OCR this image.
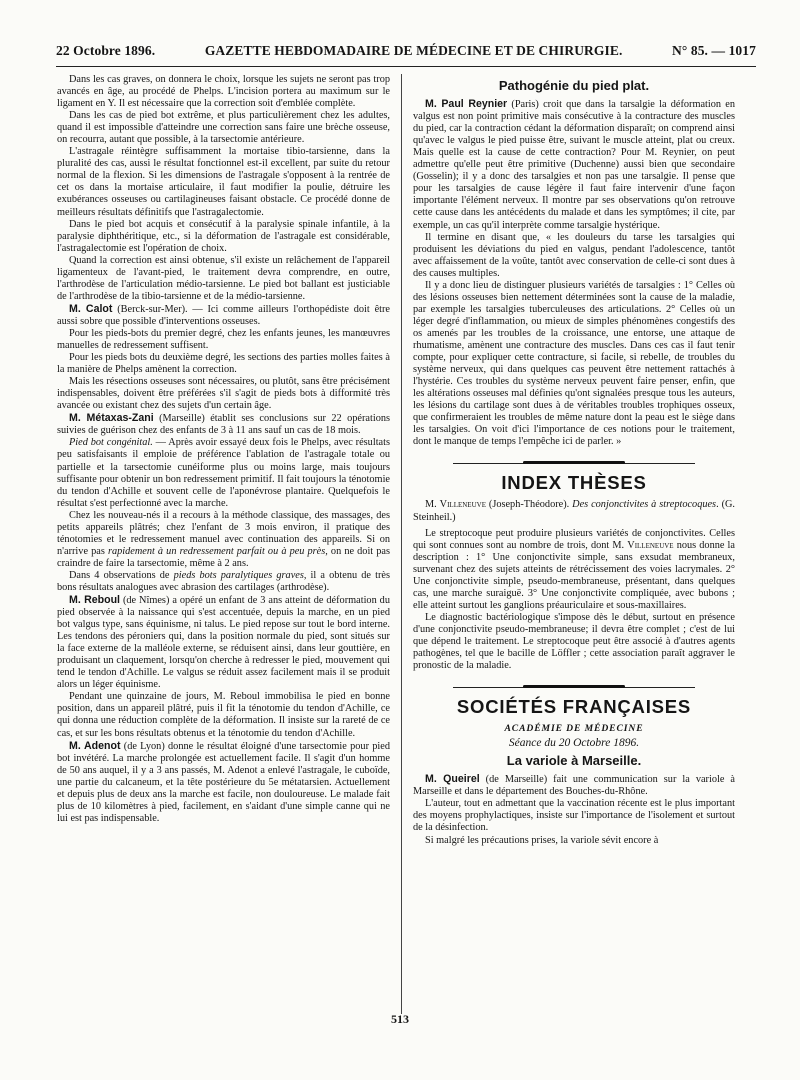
22 Octobre 1896.	GAZETTE HEBDOMADAIRE DE MÉDECINE ET DE CHIRURGIE.	N° 85. — 1017

Dans les cas graves, on donnera le choix, lorsque les sujets ne seront pas trop avancés en âge, au procédé de Phelps. L'incision portera au maximum sur le ligament en Y. Il est nécessaire que la correction soit d'emblée complète.

Dans les cas de pied bot extrême, et plus particulièrement chez les adultes, quand il est impossible d'atteindre une correction sans faire une brèche osseuse, on recourra, autant que possible, à la tarsectomie antérieure.

L'astragale réintègre suffisamment la mortaise tibio-tarsienne, dans la pluralité des cas, aussi le résultat fonctionnel est-il excellent, par suite du retour normal de la flexion. Si les dimensions de l'astragale s'opposent à la rentrée de cet os dans la mortaise articulaire, il faut modifier la poulie, détruire les exubérances osseuses ou cartilagineuses faisant obstacle. Ce procédé donne de meilleurs résultats définitifs que l'astragalectomie.

Dans le pied bot acquis et consécutif à la paralysie spinale infantile, à la paralysie diphthéritique, etc., si la déformation de l'astragale est considérable, l'astragalectomie est l'opération de choix.

Quand la correction est ainsi obtenue, s'il existe un relâchement de l'appareil ligamenteux de l'avant-pied, le traitement devra comprendre, en outre, l'arthrodèse de l'articulation médio-tarsienne. Le pied bot ballant est justiciable de l'arthrodèse de la tibio-tarsienne et de la médio-tarsienne.

M. Calot (Berck-sur-Mer). — Ici comme ailleurs l'orthopédiste doit être aussi sobre que possible d'interventions osseuses.

Pour les pieds-bots du premier degré, chez les enfants jeunes, les manœuvres manuelles de redressement suffisent.

Pour les pieds bots du deuxième degré, les sections des parties molles faites à la manière de Phelps amènent la correction.

Mais les résections osseuses sont nécessaires, ou plutôt, sans être précisément indispensables, doivent être préférées s'il s'agit de pieds bots à difformité très avancée ou existant chez des sujets d'un certain âge.

M. Métaxas-Zani (Marseille) établit ses conclusions sur 22 opérations suivies de guérison chez des enfants de 3 à 11 ans sauf un cas de 18 mois.

Pied bot congénital. — Après avoir essayé deux fois le Phelps, avec résultats peu satisfaisants il emploie de préférence l'ablation de l'astragale totale ou partielle et la tarsectomie cunéiforme plus ou moins large, mais toujours suffisante pour obtenir un bon redressement primitif. Il fait toujours la ténotomie du tendon d'Achille et souvent celle de l'aponévrose plantaire. Quelquefois le résultat s'est perfectionné avec la marche.

Chez les nouveau-nés il a recours à la méthode classique, des massages, des petits appareils plâtrés; chez l'enfant de 3 mois environ, il pratique des ténotomies et le redressement manuel avec continuation des appareils. Si on n'arrive pas rapidement à un redressement parfait ou à peu près, on ne doit pas craindre de faire la tarsectomie, même à 2 ans.

Dans 4 observations de pieds bots paralytiques graves, il a obtenu de très bons résultats analogues avec abrasion des cartilages (arthrodèse).

M. Reboul (de Nîmes) a opéré un enfant de 3 ans atteint de déformation du pied observée à la naissance qui s'est accentuée, depuis la marche, en un pied bot valgus type, sans équinisme, ni talus. Le pied repose sur tout le bord interne. Les tendons des péroniers qui, dans la position normale du pied, sont situés sur la face externe de la malléole externe, se réduisent ainsi, dans leur gouttière, en produisant un claquement, lorsqu'on cherche à redresser le pied, mouvement qui tend le tendon d'Achille. Le valgus se réduit assez facilement mais il se produit alors un léger équinisme.

Pendant une quinzaine de jours, M. Reboul immobilisa le pied en bonne position, dans un appareil plâtré, puis il fit la ténotomie du tendon d'Achille, ce qui donna une réduction complète de la déformation. Il insiste sur la rareté de ce cas, et sur les bons résultats obtenus et la ténotomie du tendon d'Achille.

M. Adenot (de Lyon) donne le résultat éloigné d'une tarsectomie pour pied bot invétéré. La marche prolongée est actuellement facile. Il s'agit d'un homme de 50 ans auquel, il y a 3 ans passés, M. Adenot a enlevé l'astragale, le cuboïde, une partie du calcaneum, et la tête postérieure du 5e métatarsien. Actuellement et depuis plus de deux ans la marche est facile, non douloureuse. Le malade fait plus de 10 kilomètres à pied, facilement, en s'aidant d'une simple canne qui ne lui est pas indispensable.

Pathogénie du pied plat.

M. Paul Reynier (Paris) croit que dans la tarsalgie la déformation en valgus est non point primitive mais consécutive à la contracture des muscles du pied, car la contraction cédant la déformation disparaît; on comprend ainsi qu'avec le valgus le pied puisse être, suivant le muscle atteint, plat ou creux. Mais quelle est la cause de cette contraction? Pour M. Reynier, on peut admettre qu'elle peut être primitive (Duchenne) aussi bien que secondaire (Gosselin); il y a donc des tarsalgies et non pas une tarsalgie. Il pense que pour les tarsalgies de cause légère il faut faire intervenir d'une façon importante l'élément nerveux. Il montre par ses observations qu'on retrouve cette cause dans les antécédents du malade et dans les symptômes; il cite, par exemple, un cas qu'il interprète comme tarsalgie hystérique.

Il termine en disant que, « les douleurs du tarse les tarsalgies qui produisent les déviations du pied en valgus, pendant l'adolescence, tantôt avec affaissement de la voûte, tantôt avec conservation de celle-ci sont dues à des causes multiples.

Il y a donc lieu de distinguer plusieurs variétés de tarsalgies : 1° Celles où des lésions osseuses bien nettement déterminées sont la cause de la maladie, par exemple les tarsalgies tuberculeuses des articulations. 2° Celles où un léger degré d'inflammation, ou mieux de simples phénomènes congestifs des os amenés par les troubles de la croissance, une entorse, une attaque de rhumatisme, amènent une contracture des muscles. Dans ces cas il faut tenir compte, pour expliquer cette contracture, si facile, si rebelle, de troubles du système nerveux, qui dans quelques cas peuvent être nettement rattachés à l'hystérie. Ces troubles du système nerveux peuvent faire penser, enfin, que les altérations osseuses mal définies qu'ont signalées presque tous les auteurs, les lésions du cartilage sont dues à de véritables troubles trophiques osseux, que confirmeraient les troubles de même nature dont la peau est le siège dans les tarsalgies. On voit d'ici l'importance de ces notions pour le traitement, dont le manque de temps l'empêche ici de parler. »

INDEX THÈSES

M. Villeneuve (Joseph-Théodore). Des conjonctivites à streptocoques. (G. Steinheil.)

Le streptocoque peut produire plusieurs variétés de conjonctivites. Celles qui sont connues sont au nombre de trois, dont M. Villeneuve nous donne la description : 1° Une conjonctivite simple, sans exsudat membraneux, survenant chez des sujets atteints de rétrécissement des voies lacrymales. 2° Une conjonctivite simple, pseudo-membraneuse, présentant, dans quelques cas, une marche suraiguë. 3° Une conjonctivite compliquée, avec bubons ; elle atteint surtout les ganglions préauriculaire et sous-maxillaires.

Le diagnostic bactériologique s'impose dès le début, surtout en présence d'une conjonctivite pseudo-membraneuse; il devra être complet ; c'est de lui que dépend le traitement. Le streptocoque peut être associé à d'autres agents pathogènes, tel que le bacille de Löffler ; cette association paraît aggraver le pronostic de la maladie.

SOCIÉTÉS FRANÇAISES
ACADÉMIE DE MÉDECINE
Séance du 20 Octobre 1896.
La variole à Marseille.

M. Queirel (de Marseille) fait une communication sur la variole à Marseille et dans le département des Bouches-du-Rhône.

L'auteur, tout en admettant que la vaccination récente est le plus important des moyens prophylactiques, insiste sur l'importance de l'isolement et surtout de la désinfection.

Si malgré les précautions prises, la variole sévit encore à

513
